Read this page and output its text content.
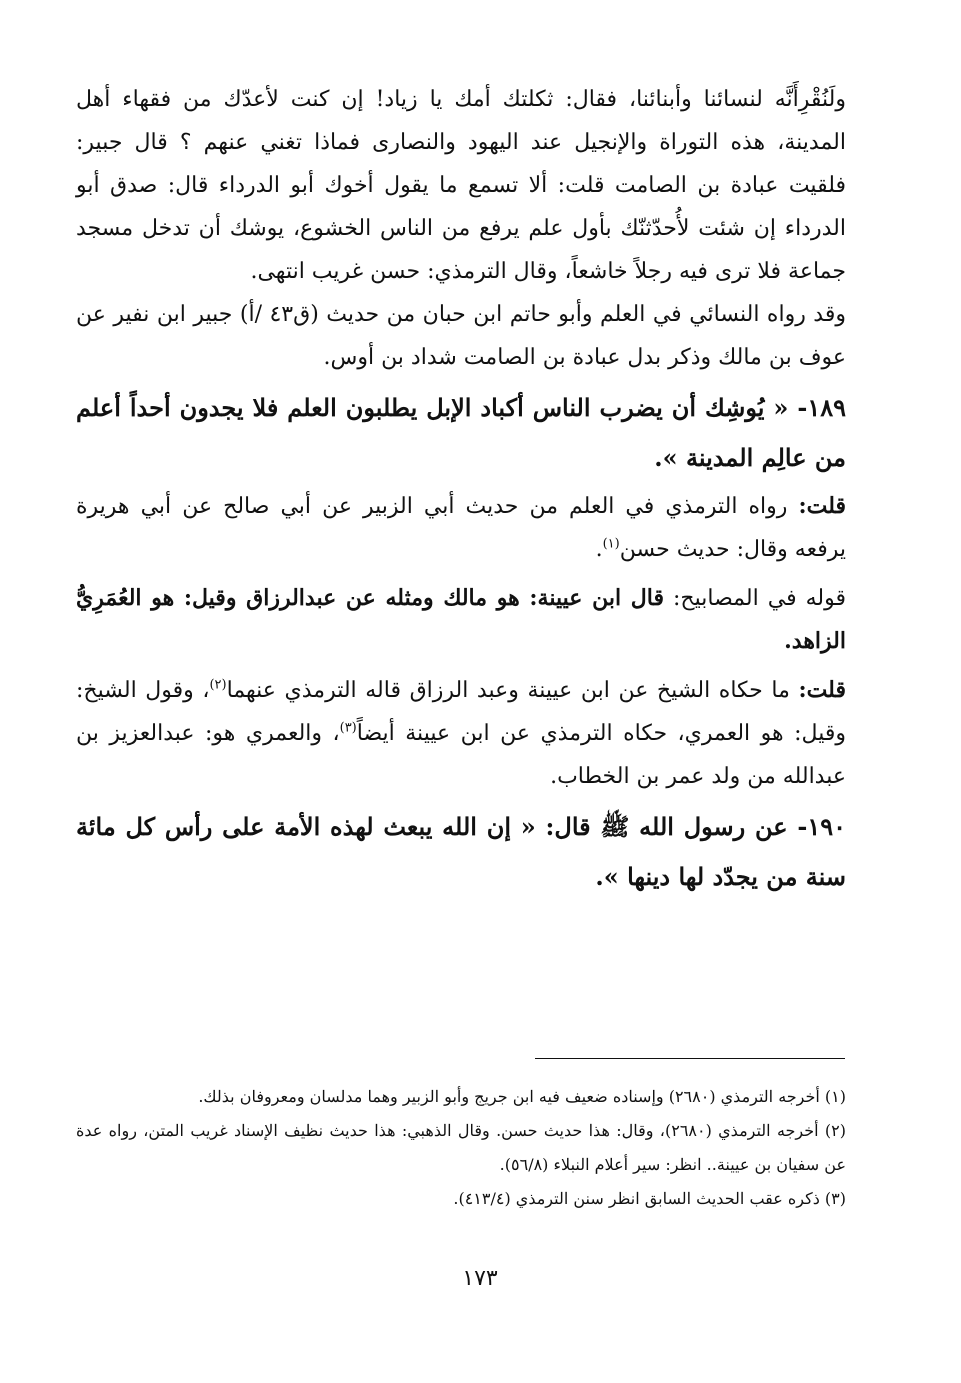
ولَنُقْرِأَنَّه لنسائنا وأبنائنا، فقال: ثكلتك أمك يا زياد! إن كنت لأعدّك من فقهاء أهل المدينة، هذه التوراة والإنجيل عند اليهود والنصارى فماذا تغني عنهم ؟ قال جبير: فلقيت عبادة بن الصامت قلت: ألا تسمع ما يقول أخوك أبو الدرداء قال: صدق أبو الدرداء إن شئت لأُحدّثنّك بأول علم يرفع من الناس الخشوع، يوشك أن تدخل مسجد جماعة فلا ترى فيه رجلاً خاشعاً، وقال الترمذي: حسن غريب انتهى.

وقد رواه النسائي في العلم وأبو حاتم ابن حبان من حديث (ق٤٣ /أ) جبير ابن نفير عن عوف بن مالك وذكر بدل عبادة بن الصامت شداد بن أوس.

١٨٩- « يُوشِك أن يضرب الناس أكباد الإبل يطلبون العلم فلا يجدون أحداً أعلم من عالِم المدينة ».

قلت: رواه الترمذي في العلم من حديث أبي الزبير عن أبي صالح عن أبي هريرة يرفعه وقال: حديث حسن$^{(١)}$.

قوله في المصابيح: قال ابن عيينة: هو مالك ومثله عن عبدالرزاق وقيل: هو العُمَرِيُّ الزاهد.

قلت: ما حكاه الشيخ عن ابن عيينة وعبد الرزاق قاله الترمذي عنهما$^{(٢)}$، وقول الشيخ: وقيل: هو العمري، حكاه الترمذي عن ابن عيينة أيضاً$^{(٣)}$، والعمري هو: عبدالعزيز بن عبدالله من ولد عمر بن الخطاب.

١٩٠- عن رسول الله ﷺ قال: « إن الله يبعث لهذه الأمة على رأس كل مائة سنة من يجدّد لها دينها ».

(١) أخرجه الترمذي (٢٦٨٠) وإسناده ضعيف فيه ابن جريج وأبو الزبير وهما مدلسان ومعروفان بذلك.

(٢) أخرجه الترمذي (٢٦٨٠)، وقال: هذا حديث حسن. وقال الذهبي: هذا حديث نظيف الإسناد غريب المتن، رواه عدة عن سفيان بن عيينة.. انظر: سير أعلام النبلاء (٥٦/٨).

(٣) ذكره عقب الحديث السابق انظر سنن الترمذي (٤١٣/٤).

١٧٣
